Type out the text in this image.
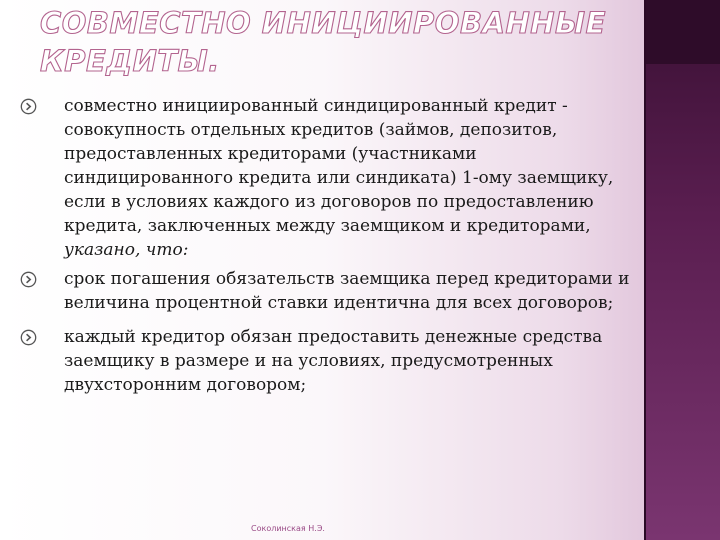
СОВМЕСТНО ИНИЦИИРОВАННЫЕ
КРЕДИТЫ.
совместно инициированный синдицированный кредит -
совокупность отдельных кредитов (займов, депозитов,
предоставленных кредиторами (участниками
синдицированного кредита или синдиката) 1-ому заемщику,
если в условиях каждого из договоров по предоставлению
кредита, заключенных между заемщиком и кредиторами,
указано, что:
срок погашения обязательств заемщика перед кредиторами и
величина процентной ставки идентична для всех договоров;
каждый кредитор обязан предоставить денежные средства
заемщику в размере и на условиях, предусмотренных
двухсторонним договором;
Соколинская Н.Э.
